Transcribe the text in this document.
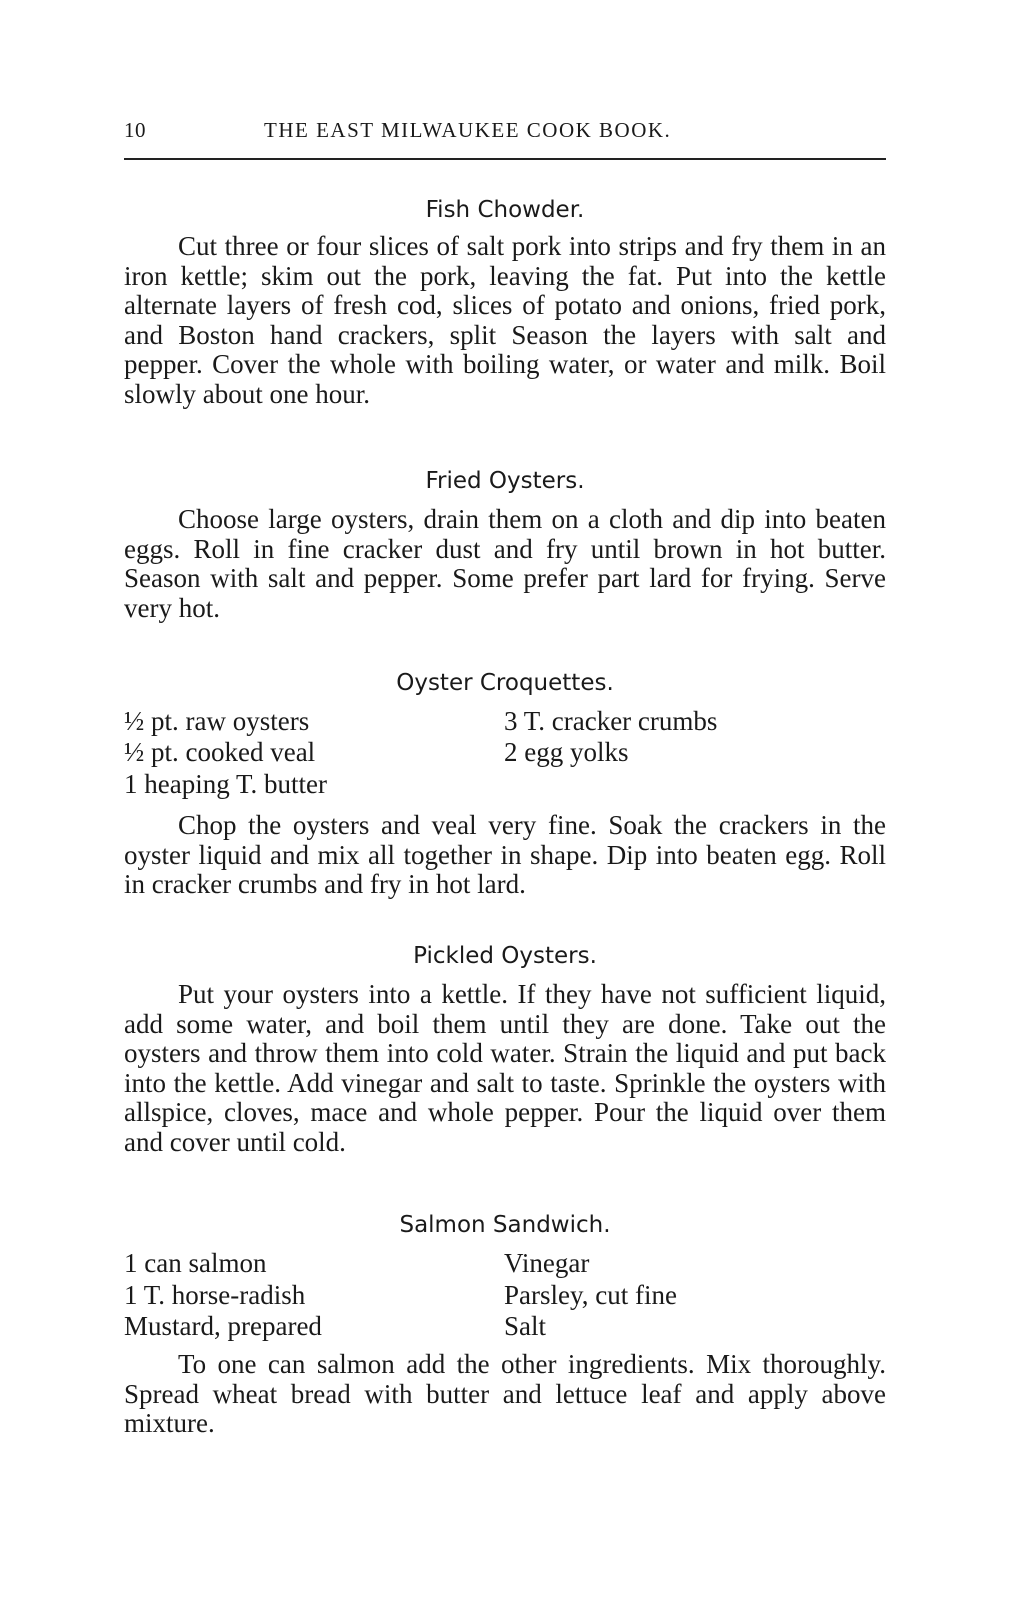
10	THE EAST MILWAUKEE COOK BOOK.
Fish Chowder.

Cut three or four slices of salt pork into strips and fry them in an iron kettle; skim out the pork, leaving the fat. Put into the kettle alternate layers of fresh cod, slices of potato and onions, fried pork, and Boston hand crackers, split Season the layers with salt and pepper. Cover the whole with boiling water, or water and milk. Boil slowly about one hour.

Fried Oysters.

Choose large oysters, drain them on a cloth and dip into beaten eggs. Roll in fine cracker dust and fry until brown in hot butter. Season with salt and pepper. Some prefer part lard for frying. Serve very hot.

Oyster Croquettes.
½ pt. raw oysters
½ pt. cooked veal
1 heaping T. butter
3 T. cracker crumbs
2 egg yolks

Chop the oysters and veal very fine. Soak the crackers in the oyster liquid and mix all together in shape. Dip into beaten egg. Roll in cracker crumbs and fry in hot lard.

Pickled Oysters.

Put your oysters into a kettle. If they have not sufficient liquid, add some water, and boil them until they are done. Take out the oysters and throw them into cold water. Strain the liquid and put back into the kettle. Add vinegar and salt to taste. Sprinkle the oysters with allspice, cloves, mace and whole pepper. Pour the liquid over them and cover until cold.

Salmon Sandwich.
1 can salmon
1 T. horse-radish
Mustard, prepared
Vinegar
Parsley, cut fine
Salt

To one can salmon add the other ingredients. Mix thoroughly. Spread wheat bread with butter and lettuce leaf and apply above mixture.
